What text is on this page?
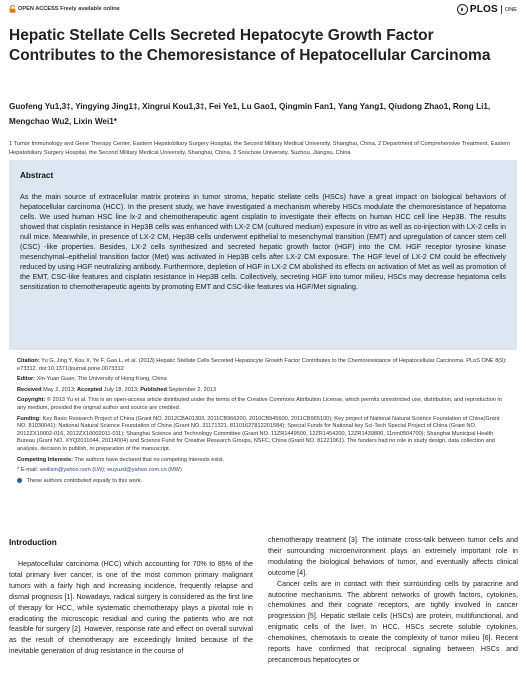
OPEN ACCESS Freely available online	PLOS ONE
Hepatic Stellate Cells Secreted Hepatocyte Growth Factor Contributes to the Chemoresistance of Hepatocellular Carcinoma
Guofeng Yu1,3‡, Yingying Jing1‡, Xingrui Kou1,3‡, Fei Ye1, Lu Gao1, Qingmin Fan1, Yang Yang1, Qiudong Zhao1, Rong Li1, Mengchao Wu2, Lixin Wei1*
1 Tumor Immunology and Gene Therapy Center, Eastern Hepatobiliary Surgery Hospital, the Second Military Medical University, Shanghai, China, 2 Department of Comprehensive Treatment, Eastern Hepatobiliary Surgery Hospital, the Second Military Medical University, Shanghai, China, 3 Soochow University, Suzhou, Jiangsu, China
Abstract

As the main source of extracellular matrix proteins in tumor stroma, hepatic stellate cells (HSCs) have a great impact on biological behaviors of hepatocellular carcinoma (HCC). In the present study, we have investigated a mechanism whereby HSCs modulate the chemoresistance of hepatoma cells. We used human HSC line lx-2 and chemotherapeutic agent cisplatin to investigate their effects on human HCC cell line Hep3B. The results showed that cisplatin resistance in Hep3B cells was enhanced with LX-2 CM (cultured medium) exposure in vitro as well as co-injection with LX-2 cells in null mice. Meanwhile, in presence of LX-2 CM, Hep3B cells underwent epithelial to mesenchymal transition (EMT) and upregulation of cancer stem cell (CSC) -like properties. Besides, LX-2 cells synthesized and secreted hepatic growth factor (HGF) into the CM. HGF receptor tyrosine kinase mesenchymal–epithelial transition factor (Met) was activated in Hep3B cells after LX-2 CM exposure. The HGF level of LX-2 CM could be effectively reduced by using HGF neutralizing antibody. Furthermore, depletion of HGF in LX-2 CM abolished its effects on activation of Met as well as promotion of the EMT, CSC-like features and cisplatin resistance in Hep3B cells. Collectively, secreting HGF into tumor milieu, HSCs may decrease hepatoma cells sensitization to chemotherapeutic agents by promoting EMT and CSC-like features via HGF/Met signaling.

Citation: Yu G, Jing Y, Kou X, Ye F, Gao L, et al. (2013) Hepatic Stellate Cells Secreted Hepatocyte Growth Factor Contributes to the Chemoresistance of Hepatocellular Carcinoma. PLoS ONE 8(9): e73312. doi:10.1371/journal.pone.0073312
Editor: Xin-Yuan Guan, The University of Hong Kong, China
Received May 2, 2013; Accepted July 18, 2013; Published September 2, 2013
Copyright: © 2013 Yu et al. This is an open-access article distributed under the terms of the Creative Commons Attribution License, which permits unrestricted use, distribution, and reproduction in any medium, provided the original author and source are credited.
Funding: Key Basic Research Project of China (Grant NO. 2012CBA01303, 2011CB966200, 2010CB945600, 2011CB965100); Key project of National Natural Science Foundation of China(Grant NO. 81030041); National Natural Science Foundation of China (Grant NO. 31171321, 81101627812201584); Special Funds for National key Sci-Tech Special Project of China (Grant NO. 2012ZX10002-016, 2012ZX10002011-011); Shanghai Science and Technology Committee (Grant NO. 11ZR1449500, 12ZR1454200, 12ZR1439800, 11nm0504700); Shanghai Municipal Health Bureau (Grant NO. XYQ2011044, 20114004) and Science Fund for Creative Research Groups, NSFC, China (Grant NO. 81221061). The funders had no role in study design, data collection and analysis, decision to publish, or preparation of the manuscript.
Competing Interests: The authors have declared that no competing interests exist.
* E-mail: weilixin@yahoo.com (LW); wuyuzd@yahoo.com.cn (MW)
These authors contributed equally to this work.
Introduction

Hepatocellular carcinoma (HCC) which accounting for 70% to 85% of the total primary liver cancer, is one of the most common primary malignant tumors with a fairly high and increasing incidence, frequently relapse and dismal prognosis [1]. Nowadays, radical surgery is considered as the first line of therapy for HCC, while systematic chemotherapy plays a pivotal role in eradicating the microscopic residual and curing the patients who are not feasible for surgery [2]. However, response rate and effect on overall survival as the result of chemotherapy are exceedingly limited because of the inevitable generation of drug resistance in the course of

chemotherapy treatment [3]. The intimate cross-talk between tumor cells and their surrounding microenvironment plays an extremely important role in modulating the biological behaviors of tumor, and eventually affects clinical outcome [4].

Cancer cells are in contact with their surrounding cells by paracrine and autocrine mechanisms. The abbrent networks of growth factors, cytokines, chemokines and their cognate receptors, are tightly involved in cancer progression [5]. Hepatic stellate cells (HSCs) are protein, multifunctional, and enigmatic cells of the liver. In HCC, HSCs secrete soluble cytokines, chemokines, chemotaxis to create the complexity of tumor milieu [6]. Recent reports have confirmed that reciprocal signaling between HSCs and precancerous hepatocytes or
